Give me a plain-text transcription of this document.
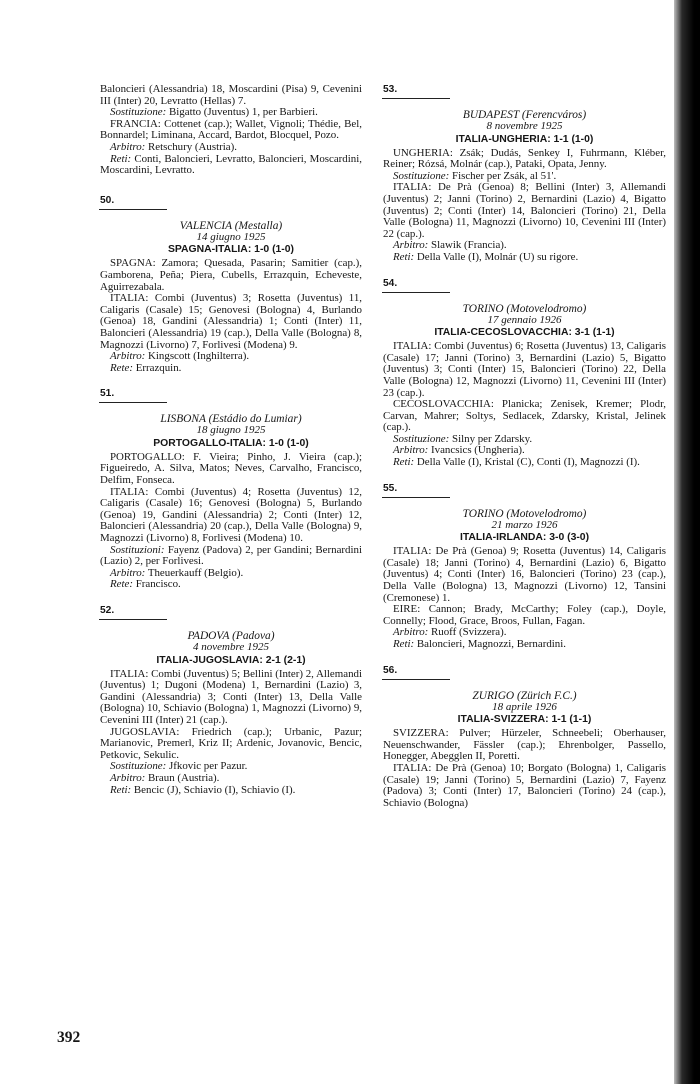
Baloncieri (Alessandria) 18, Moscardini (Pisa) 9, Cevenini III (Inter) 20, Levratto (Hellas) 7.

Sostituzione: Bigatto (Juventus) 1, per Barbieri.

FRANCIA: Cottenet (cap.); Wallet, Vignoli; Thédie, Bel, Bonnardel; Liminana, Accard, Bardot, Blocquel, Pozo.

Arbitro: Retschury (Austria).

Reti: Conti, Baloncieri, Levratto, Baloncieri, Moscardini, Moscardini, Levratto.

50.
VALENCIA (Mestalla)
14 giugno 1925
SPAGNA-ITALIA: 1-0 (1-0)

SPAGNA: Zamora; Quesada, Pasarin; Samitier (cap.), Gamborena, Peña; Piera, Cubells, Errazquin, Echeveste, Aguirrezabala.

ITALIA: Combi (Juventus) 3; Rosetta (Juventus) 11, Caligaris (Casale) 15; Genovesi (Bologna) 4, Burlando (Genoa) 18, Gandini (Alessandria) 1; Conti (Inter) 11, Baloncieri (Alessandria) 19 (cap.), Della Valle (Bologna) 8, Magnozzi (Livorno) 7, Forlivesi (Modena) 9.

Arbitro: Kingscott (Inghilterra).

Rete: Errazquin.

51.
LISBONA (Estádio do Lumiar)
18 giugno 1925
PORTOGALLO-ITALIA: 1-0 (1-0)

PORTOGALLO: F. Vieira; Pinho, J. Vieira (cap.); Figueiredo, A. Silva, Matos; Neves, Carvalho, Francisco, Delfim, Fonseca.

ITALIA: Combi (Juventus) 4; Rosetta (Juventus) 12, Caligaris (Casale) 16; Genovesi (Bologna) 5, Burlando (Genoa) 19, Gandini (Alessandria) 2; Conti (Inter) 12, Baloncieri (Alessandria) 20 (cap.), Della Valle (Bologna) 9, Magnozzi (Livorno) 8, Forlivesi (Modena) 10.

Sostituzioni: Fayenz (Padova) 2, per Gandini; Bernardini (Lazio) 2, per Forlivesi.

Arbitro: Theuerkauff (Belgio).

Rete: Francisco.

52.
PADOVA (Padova)
4 novembre 1925
ITALIA-JUGOSLAVIA: 2-1 (2-1)

ITALIA: Combi (Juventus) 5; Bellini (Inter) 2, Allemandi (Juventus) 1; Dugoni (Modena) 1, Bernardini (Lazio) 3, Gandini (Alessandria) 3; Conti (Inter) 13, Della Valle (Bologna) 10, Schiavio (Bologna) 1, Magnozzi (Livorno) 9, Cevenini III (Inter) 21 (cap.).

JUGOSLAVIA: Friedrich (cap.); Urbanic, Pazur; Marianovic, Premerl, Kriz II; Ardenic, Jovanovic, Bencic, Petkovic, Sekulic.

Sostituzione: Jfkovic per Pazur.

Arbitro: Braun (Austria).

Reti: Bencic (J), Schiavio (I), Schiavio (I).

53.
BUDAPEST (Ferencváros)
8 novembre 1925
ITALIA-UNGHERIA: 1-1 (1-0)

UNGHERIA: Zsák; Dudás, Senkey I, Fuhrmann, Kléber, Reiner; Rózsá, Molnár (cap.), Pataki, Opata, Jenny.

Sostituzione: Fischer per Zsák, al 51'.

ITALIA: De Prà (Genoa) 8; Bellini (Inter) 3, Allemandi (Juventus) 2; Janni (Torino) 2, Bernardini (Lazio) 4, Bigatto (Juventus) 2; Conti (Inter) 14, Baloncieri (Torino) 21, Della Valle (Bologna) 11, Magnozzi (Livorno) 10, Cevenini III (Inter) 22 (cap.).

Arbitro: Slawik (Francia).

Reti: Della Valle (I), Molnár (U) su rigore.

54.
TORINO (Motovelodromo)
17 gennaio 1926
ITALIA-CECOSLOVACCHIA: 3-1 (1-1)

ITALIA: Combi (Juventus) 6; Rosetta (Juventus) 13, Caligaris (Casale) 17; Janni (Torino) 3, Bernardini (Lazio) 5, Bigatto (Juventus) 3; Conti (Inter) 15, Baloncieri (Torino) 22, Della Valle (Bologna) 12, Magnozzi (Livorno) 11, Cevenini III (Inter) 23 (cap.).

CECOSLOVACCHIA: Planicka; Zenisek, Kremer; Plodr, Carvan, Mahrer; Soltys, Sedlacek, Zdarsky, Kristal, Jelinek (cap.).

Sostituzione: Silny per Zdarsky.

Arbitro: Ivancsics (Ungheria).

Reti: Della Valle (I), Kristal (C), Conti (I), Magnozzi (I).

55.
TORINO (Motovelodromo)
21 marzo 1926
ITALIA-IRLANDA: 3-0 (3-0)

ITALIA: De Prà (Genoa) 9; Rosetta (Juventus) 14, Caligaris (Casale) 18; Janni (Torino) 4, Bernardini (Lazio) 6, Bigatto (Juventus) 4; Conti (Inter) 16, Baloncieri (Torino) 23 (cap.), Della Valle (Bologna) 13, Magnozzi (Livorno) 12, Tansini (Cremonese) 1.

EIRE: Cannon; Brady, McCarthy; Foley (cap.), Doyle, Connelly; Flood, Grace, Broos, Fullan, Fagan.

Arbitro: Ruoff (Svizzera).

Reti: Baloncieri, Magnozzi, Bernardini.

56.
ZURIGO (Zürich F.C.)
18 aprile 1926
ITALIA-SVIZZERA: 1-1 (1-1)

SVIZZERA: Pulver; Hürzeler, Schneebeli; Oberhauser, Neuenschwander, Fässler (cap.); Ehrenbolger, Passello, Honegger, Abegglen II, Poretti.

ITALIA: De Prà (Genoa) 10; Borgato (Bologna) 1, Caligaris (Casale) 19; Janni (Torino) 5, Bernardini (Lazio) 7, Fayenz (Padova) 3; Conti (Inter) 17, Baloncieri (Torino) 24 (cap.), Schiavio (Bologna)

392
